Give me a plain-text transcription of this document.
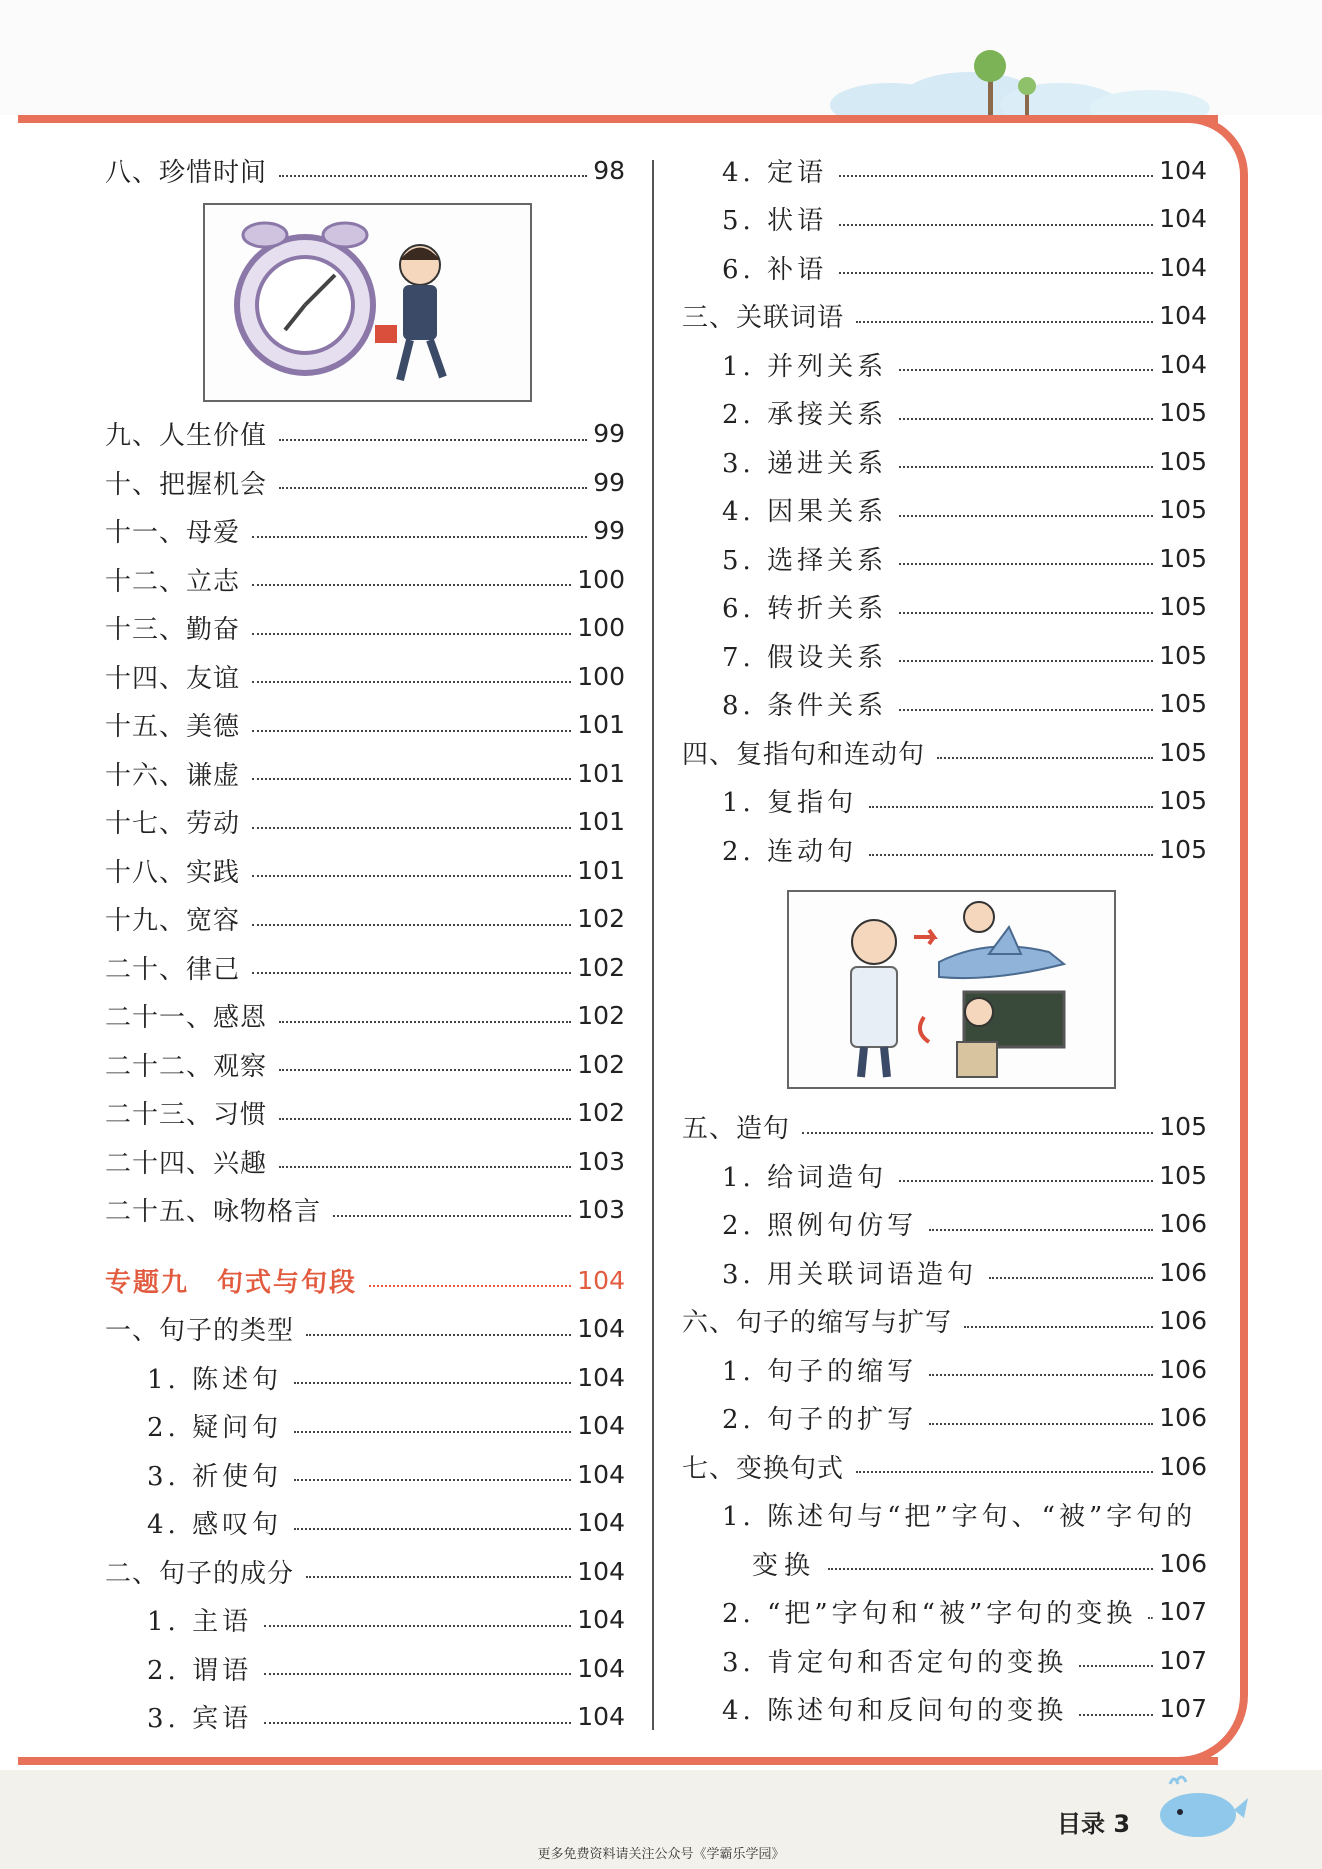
八、珍惜时间	98
九、人生价值	99
十、把握机会	99
十一、母爱	99
十二、立志	100
十三、勤奋	100
十四、友谊	100
十五、美德	101
十六、谦虚	101
十七、劳动	101
十八、实践	101
十九、宽容	102
二十、律己	102
二十一、感恩	102
二十二、观察	102
二十三、习惯	102
二十四、兴趣	103
二十五、咏物格言	103
专题九　句式与句段	104
一、句子的类型	104
1. 陈述句	104
2. 疑问句	104
3. 祈使句	104
4. 感叹句	104
二、句子的成分	104
1. 主语	104
2. 谓语	104
3. 宾语	104
4. 定语	104
5. 状语	104
6. 补语	104
三、关联词语	104
1. 并列关系	104
2. 承接关系	105
3. 递进关系	105
4. 因果关系	105
5. 选择关系	105
6. 转折关系	105
7. 假设关系	105
8. 条件关系	105
四、复指句和连动句	105
1. 复指句	105
2. 连动句	105
五、造句	105
1. 给词造句	105
2. 照例句仿写	106
3. 用关联词语造句	106
六、句子的缩写与扩写	106
1. 句子的缩写	106
2. 句子的扩写	106
七、变换句式	106
1. 陈述句与“把”字句、“被”字句的
变换	106
2. “把”字句和“被”字句的变换 107
3. 肯定句和否定句的变换	107
4. 陈述句和反问句的变换	107
目录 3
更多免费资料请关注公众号《学霸乐学园》
